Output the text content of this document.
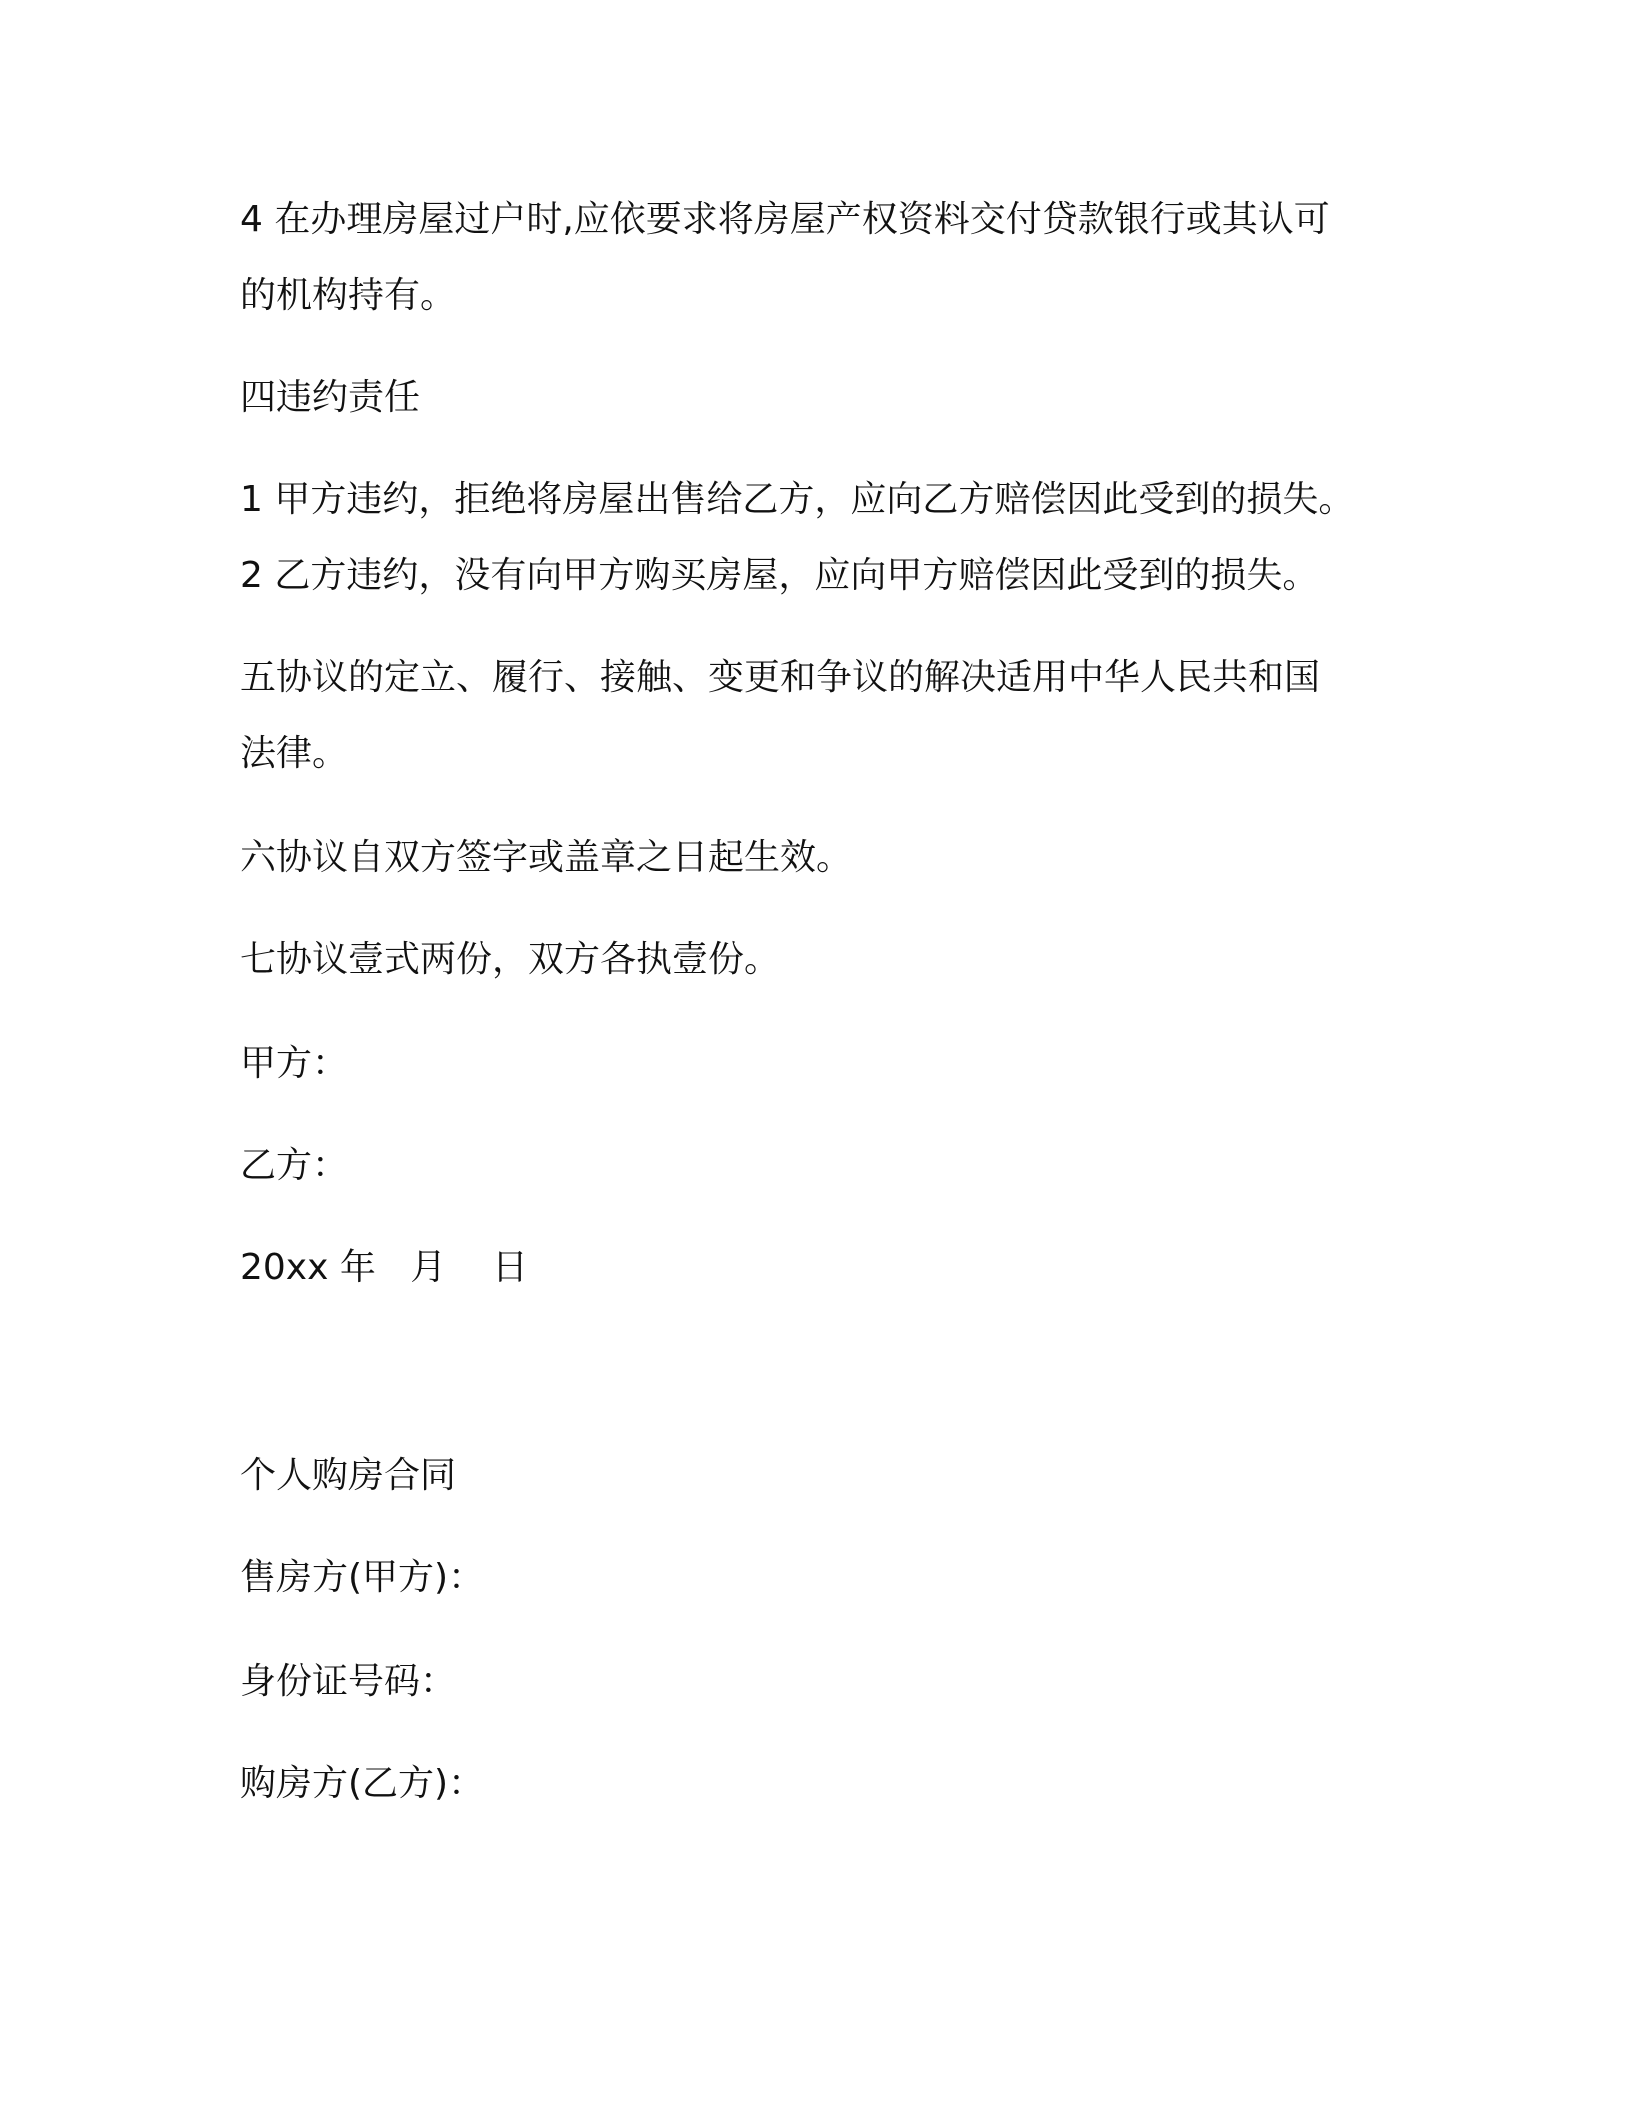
4 在办理房屋过户时,应依要求将房屋产权资料交付贷款银行或其认可
的机构持有。
四违约责任
1 甲方违约，拒绝将房屋出售给乙方，应向乙方赔偿因此受到的损失。
2 乙方违约，没有向甲方购买房屋，应向甲方赔偿因此受到的损失。
五协议的定立、履行、接触、变更和争议的解决适用中华人民共和国
法律。
六协议自双方签字或盖章之日起生效。
七协议壹式两份，双方各执壹份。
甲方：
乙方：
20xx 年   月    日
个人购房合同
售房方(甲方)：
身份证号码：
购房方(乙方)：
